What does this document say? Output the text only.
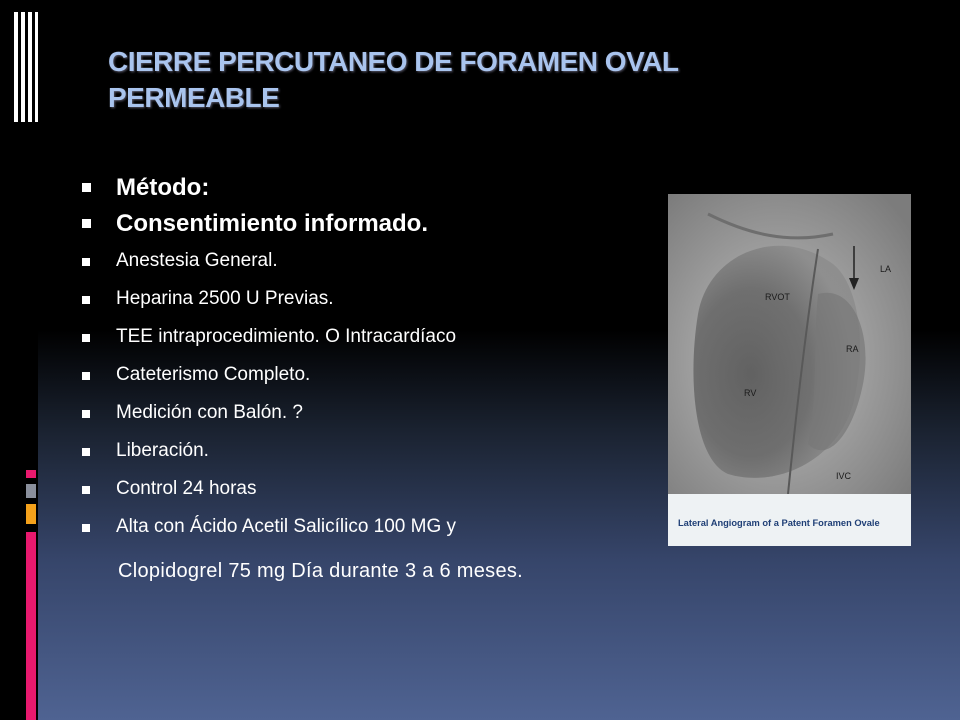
CIERRE PERCUTANEO DE FORAMEN OVAL
PERMEABLE
Método:
Consentimiento informado.
Anestesia General.
Heparina 2500 U Previas.
TEE intraprocedimiento. O Intracardíaco
Cateterismo Completo.
Medición con Balón. ?
Liberación.
Control 24 horas
Alta con Ácido Acetil Salicílico 100 MG y
Clopidogrel 75 mg Día durante 3 a 6 meses.
LA
RVOT
RA
RV
IVC
Lateral Angiogram of a Patent Foramen Ovale
